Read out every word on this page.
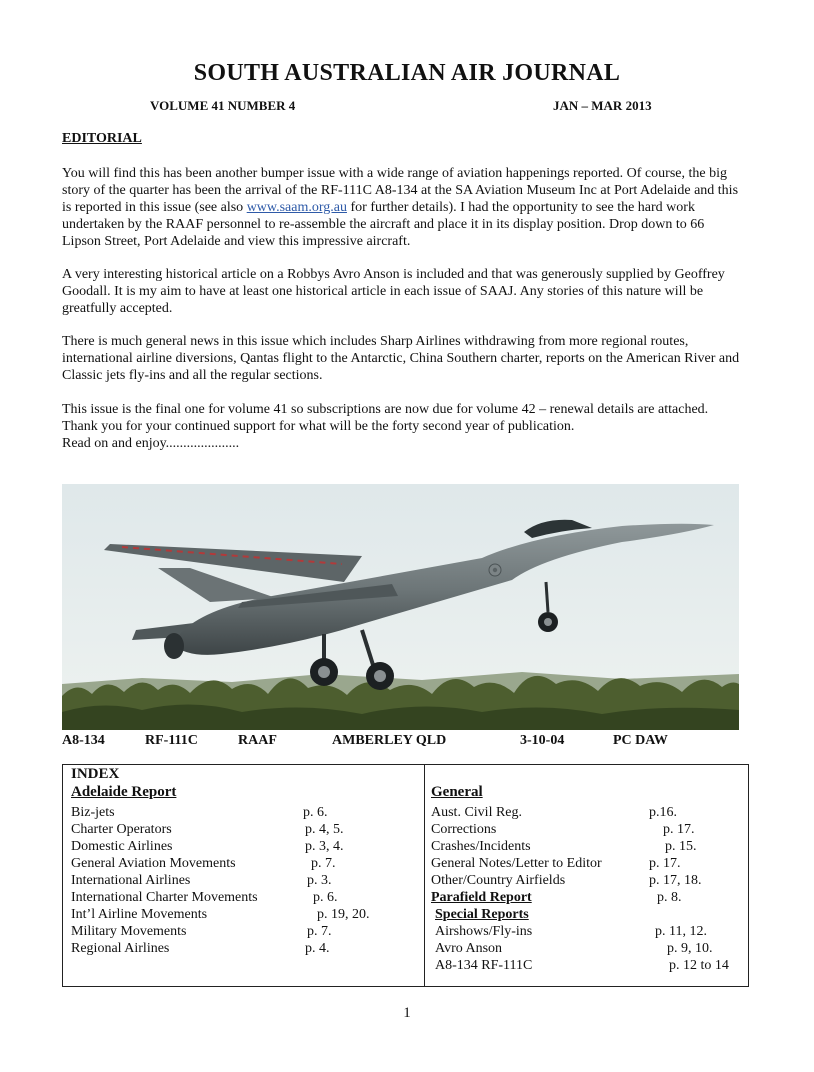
SOUTH AUSTRALIAN AIR JOURNAL
VOLUME 41 NUMBER 4	JAN – MAR 2013
EDITORIAL

You will find this has been another bumper issue with a wide range of aviation happenings reported. Of course, the big story of the quarter has been the arrival of the RF-111C A8-134 at the SA Aviation Museum Inc at Port Adelaide and this is reported in this issue (see also www.saam.org.au for further details). I had the opportunity to see the hard work undertaken by the RAAF personnel to re-assemble the aircraft and place it in its display position. Drop down to 66 Lipson Street, Port Adelaide and view this impressive aircraft.

A very interesting historical article on a Robbys Avro Anson is included and that was generously supplied by Geoffrey Goodall. It is my aim to have at least one historical article in each issue of SAAJ. Any stories of this nature will be greatfully accepted.

There is much general news in this issue which includes Sharp Airlines withdrawing from more regional routes, international airline diversions, Qantas flight to the Antarctic, China Southern charter, reports on the American River and Classic jets fly-ins and all the regular sections.

This issue is the final one for volume 41 so subscriptions are now due for volume 42 – renewal details are attached. Thank you for your continued support for what will be the forty second year of publication.
Read on and enjoy.....................

A8-134	RF-111C	RAAF	AMBERLEY QLD	3-10-04	PC DAW
INDEX
Adelaide Report	General
Biz-jets	p. 6.
Charter Operators	p. 4, 5.
Domestic Airlines	p. 3, 4.
General Aviation Movements	p. 7.
International Airlines	p. 3.
International Charter Movements	p. 6.
Int’l Airline Movements	p. 19, 20.
Military Movements	p. 7.
Regional Airlines	p. 4.
Aust. Civil Reg.	p.16.
Corrections	p. 17.
Crashes/Incidents	p. 15.
General Notes/Letter to Editor	p. 17.
Other/Country Airfields	p. 17, 18.
Parafield Report	p. 8.
Special Reports
Airshows/Fly-ins	p. 11, 12.
Avro Anson	p. 9, 10.
A8-134 RF-111C	p. 12 to 14
1
